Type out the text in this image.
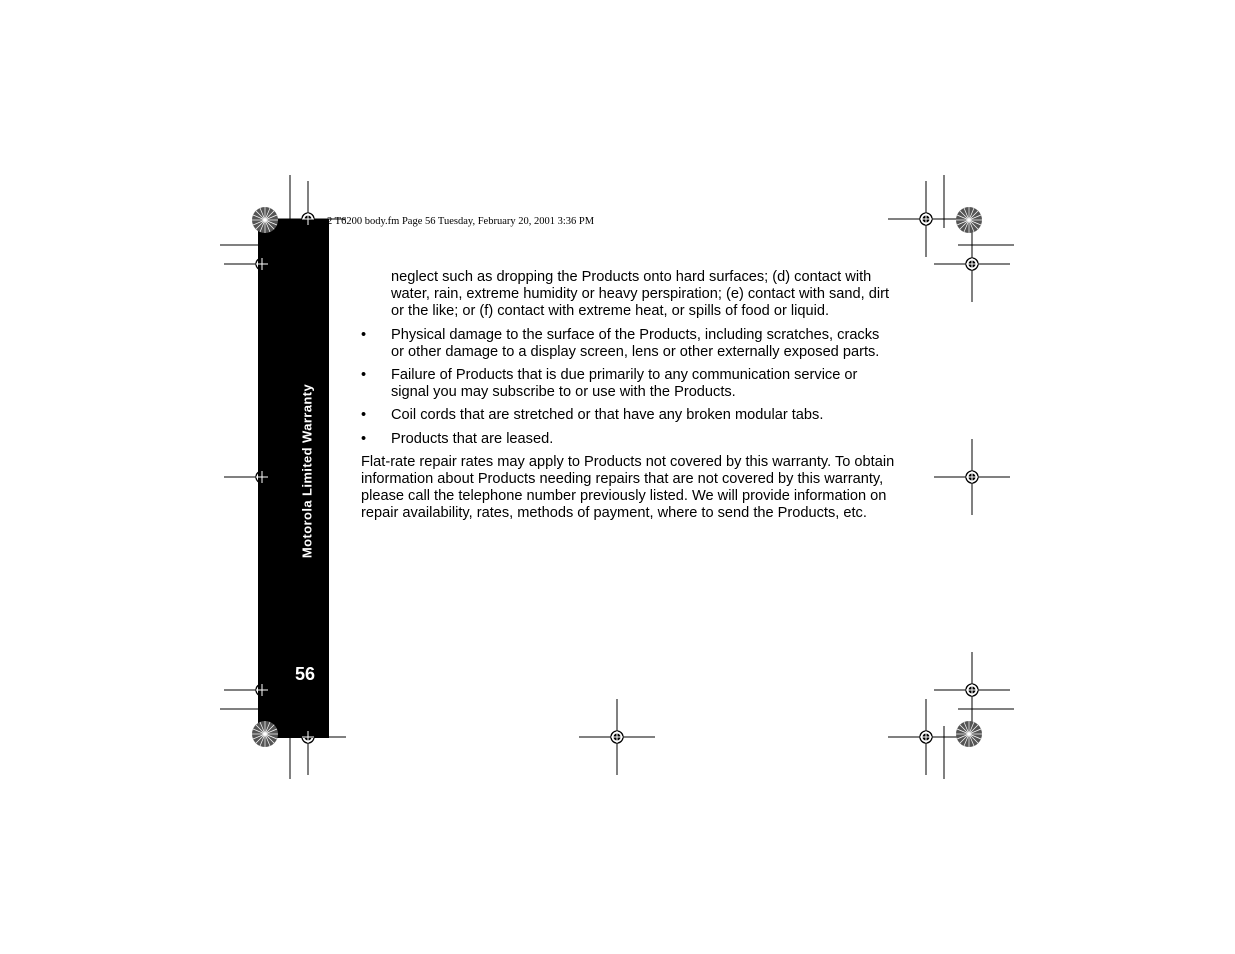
Motorola Limited Warranty
56
2 T6200 body.fm Page 56 Tuesday, February 20, 2001 3:36 PM

neglect such as dropping the Products onto hard surfaces; (d) contact with water, rain, extreme humidity or heavy perspiration; (e) contact with sand, dirt or the like; or (f) contact with extreme heat, or spills of food or liquid.

• Physical damage to the surface of the Products, including scratches, cracks or other damage to a display screen, lens or other externally exposed parts.
• Failure of Products that is due primarily to any communication service or signal you may subscribe to or use with the Products.
• Coil cords that are stretched or that have any broken modular tabs.
• Products that are leased.

Flat-rate repair rates may apply to Products not covered by this warranty. To obtain information about Products needing repairs that are not covered by this warranty, please call the telephone number previously listed. We will provide information on repair availability, rates, methods of payment, where to send the Products, etc.
